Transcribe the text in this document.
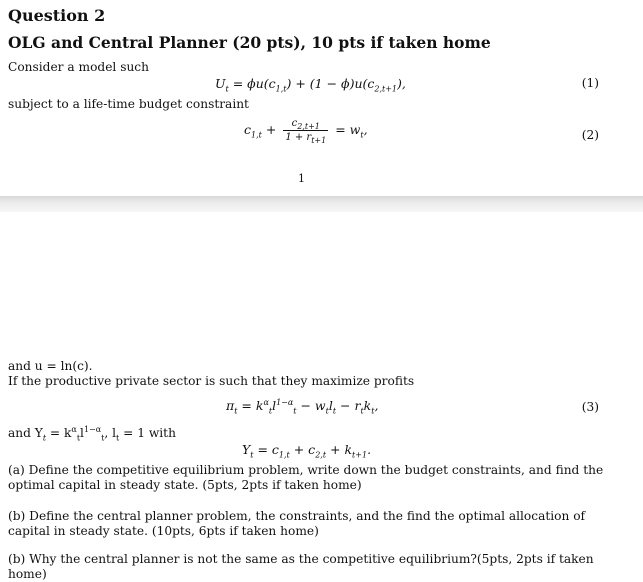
Question 2
OLG and Central Planner (20 pts), 10 pts if taken home
Consider a model such
$U_t = \phi u(c_{1,t}) + (1 - \phi)u(c_{2,t+1})$,	(1)
subject to a life-time budget constraint
$c_{1,t} + \frac{c_{2,t+1}}{1 + r_{t+1}} = w_t$,	(2)
1
and u = ln(c).
If the productive private sector is such that they maximize profits
$\pi_t = k^\alpha_tl^{1-\alpha}_t - w_tl_t - r_tk_t$,	(3)
and $Y_t = k^\alpha_tl^{1-\alpha}_t$, $l_t = 1$ with
$Y_t = c_{1,t} + c_{2,t} + k_{t+1}$.
(a) Define the competitive equilibrium problem, write down the budget constraints, and find the optimal capital in steady state. (5pts, 2pts if taken home)
(b) Define the central planner problem, the constraints, and the find the optimal allocation of capital in steady state. (10pts, 6pts if taken home)
(b) Why the central planner is not the same as the competitive equilibrium?(5pts, 2pts if taken home)
